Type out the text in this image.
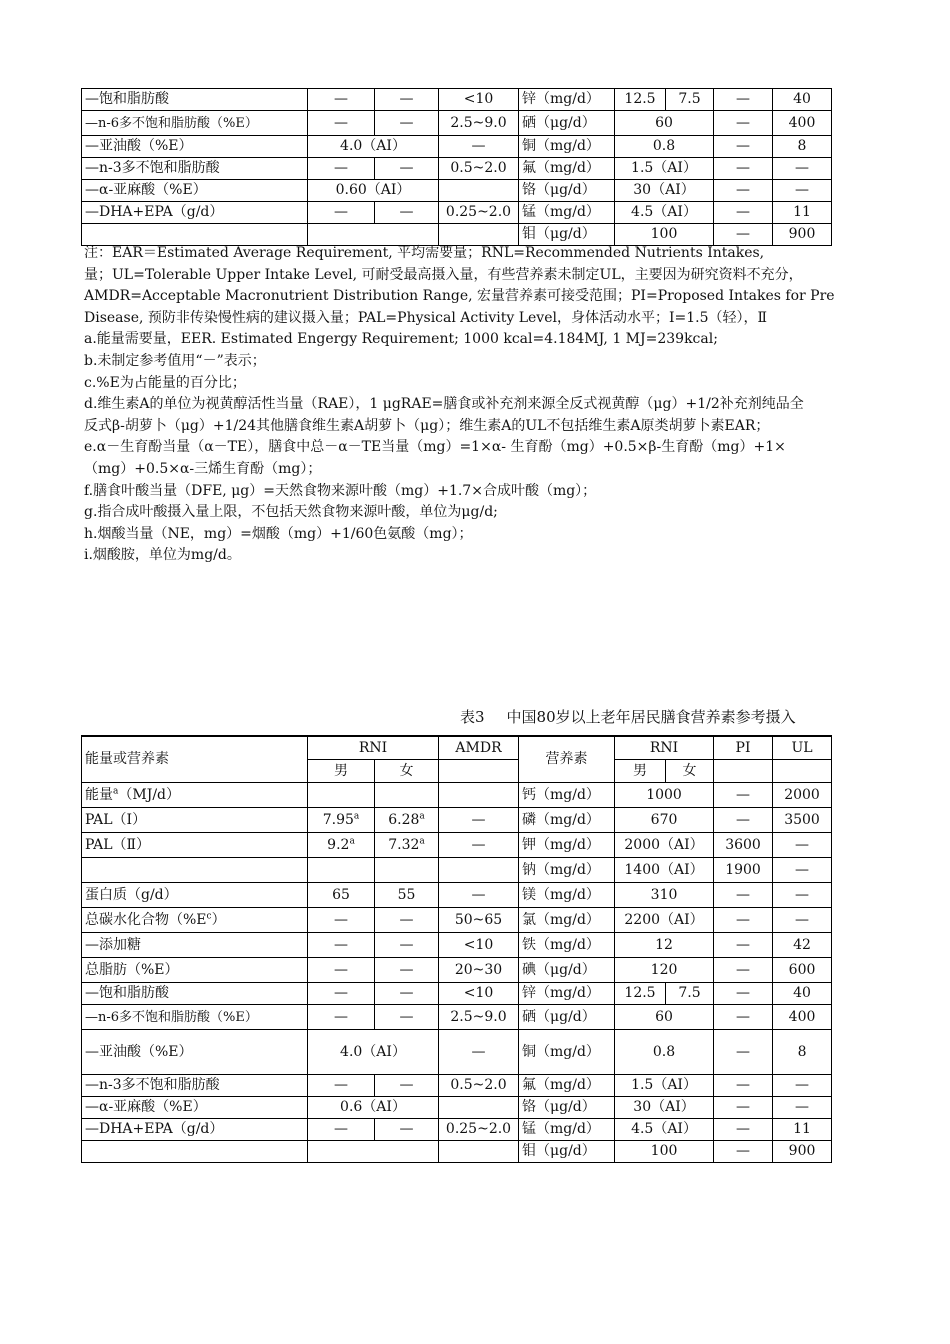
—饱和脂肪酸	—	—	<10	锌（mg/d）	12.5	7.5	—	40
—n-6多不饱和脂肪酸（%E）	—	—	2.5~9.0	硒（μg/d）	60		—	400
—亚油酸（%E）	4.0（AI）		—	铜（mg/d）	0.8		—	8
—n-3多不饱和脂肪酸	—	—	0.5~2.0	氟（mg/d）	1.5（AI）		—	—
—α-亚麻酸（%E）	0.60（AI）			铬（μg/d）	30（AI）		—	—
—DHA+EPA（g/d）	—	—	0.25~2.0	锰（mg/d）	4.5（AI）		—	11
				钼（μg/d）	100		—	900
注：EAR＝Estimated Average Requirement, 平均需要量；RNL=Recommended Nutrients Intakes,
量；UL=Tolerable Upper Intake Level, 可耐受最高摄入量，有些营养素未制定UL，主要因为研究资料不充分，
AMDR=Acceptable Macronutrient Distribution Range, 宏量营养素可接受范围；PI=Proposed Intakes for Pre
Disease, 预防非传染慢性病的建议摄入量；PAL=Physical Activity Level，身体活动水平；Ⅰ=1.5（轻），Ⅱ
a.能量需要量，EER. Estimated Engergy Requirement; 1000 kcal=4.184MJ, 1 MJ=239kcal;
b.未制定参考值用“－”表示；
c.%E为占能量的百分比；
d.维生素A的单位为视黄醇活性当量（RAE），1 μgRAE=膳食或补充剂来源全反式视黄醇（μg）+1/2补充剂纯品全
反式β-胡萝卜（μg）+1/24其他膳食维生素A胡萝卜（μg）；维生素A的UL不包括维生素A原类胡萝卜素EAR；
e.α－生育酚当量（α－TE），膳食中总－α－TE当量（mg）=1×α- 生育酚（mg）+0.5×β-生育酚（mg）+1×
（mg）+0.5×α-三烯生育酚（mg）；
f.膳食叶酸当量（DFE, μg）=天然食物来源叶酸（mg）+1.7×合成叶酸（mg）；
g.指合成叶酸摄入量上限，不包括天然食物来源叶酸，单位为μg/d;
h.烟酸当量（NE，mg）=烟酸（mg）+1/60色氨酸（mg）；
i.烟酸胺，单位为mg/d。
表3 中国80岁以上老年居民膳食营养素参考摄入
能量或营养素	RNI		AMDR	营养素	RNI		PI	UL
	男	女			男	女		
能量$^a$（MJ/d）				钙（mg/d）	1000		—	2000
PAL（Ⅰ）	7.95$^a$	6.28$^a$	—	磷（mg/d）	670		—	3500
PAL（Ⅱ）	9.2$^a$	7.32$^a$	—	钾（mg/d）	2000（AI）		3600	—
				钠（mg/d）	1400（AI）		1900	—
蛋白质（g/d）	65	55	—	镁（mg/d）	310		—	—
总碳水化合物$(\%E^c)$	—	—	50~65	氯（mg/d）	2200（AI）		—	—
—添加糖	—	—	<10	铁（mg/d）	12		—	42
总脂肪（%E）	—	—	20~30	碘（μg/d）	120		—	600
—饱和脂肪酸	—	—	<10	锌（mg/d）	12.5	7.5	—	40
—n-6多不饱和脂肪酸（%E）	—	—	2.5~9.0	硒（μg/d）	60		—	400
—亚油酸（%E）	4.0（AI）		—	铜（mg/d）	0.8		—	8
—n-3多不饱和脂肪酸	—	—	0.5~2.0	氟（mg/d）	1.5（AI）		—	—
—α-亚麻酸（%E）	0.6（AI）			铬（μg/d）	30（AI）		—	—
—DHA+EPA（g/d）	—	—	0.25~2.0	锰（mg/d）	4.5（AI）		—	11
				钼（μg/d）	100		—	900
